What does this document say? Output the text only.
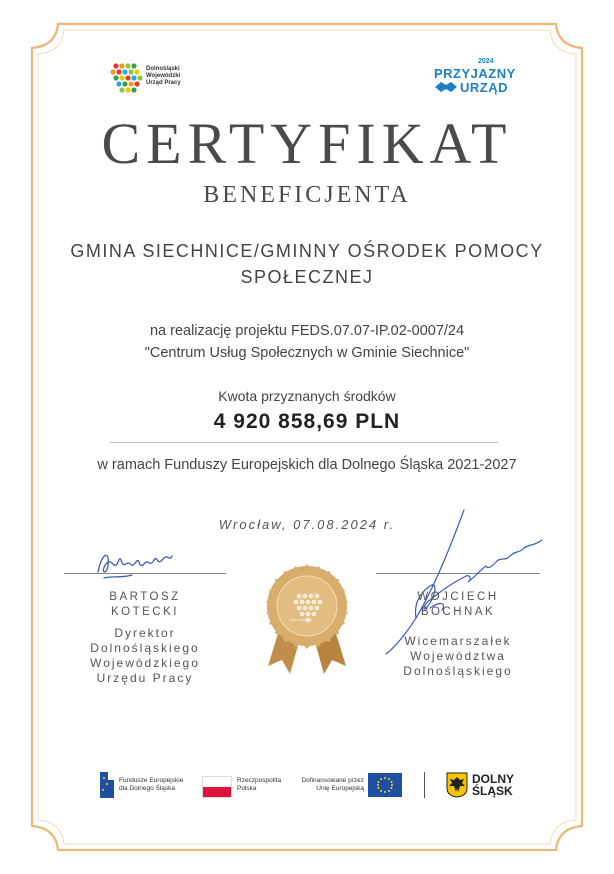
Dolnośląski
Wojewódzki
Urząd Pracy
2024
PRZYJAZNY
URZĄD
CERTYFIKAT
BENEFICJENTA
GMINA SIECHNICE/GMINNY OŚRODEK POMOCY
SPOŁECZNEJ
na realizację projektu FEDS.07.07-IP.02-0007/24
"Centrum Usług Społecznych w Gminie Siechnice"
Kwota przyznanych środków
4 920 858,69 PLN
w ramach Funduszy Europejskich dla Dolnego Śląska 2021-2027
Wrocław, 07.08.2024 r.
BARTOSZ
KOTECKI
Dyrektor
Dolnośląskiego
Wojewódzkiego
Urzędu Pracy
WOJCIECH
BOCHNAK
Wicemarszałek
Województwa
Dolnośląskiego
dolnośląskie
Fundusze Europejskie
dla Dolnego Śląska
Rzeczpospolita
Polska
Dofinansowane przez
Unię Europejską
DOLNY
ŚLĄSK
